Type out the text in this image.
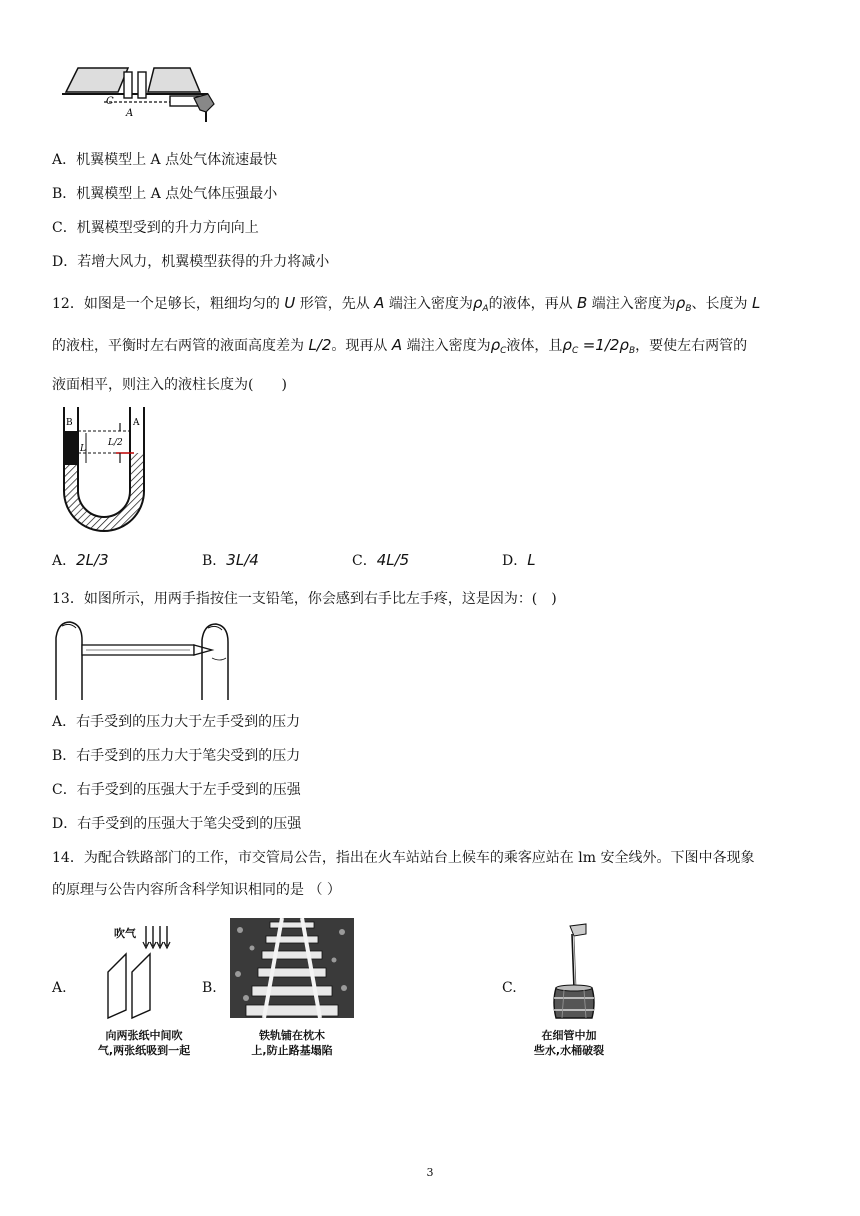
C
A
A．机翼模型上 A 点处气体流速最快
B．机翼模型上 A 点处气体压强最小
C．机翼模型受到的升力方向向上
D．若增大风力，机翼模型获得的升力将减小
12．如图是一个足够长，粗细均匀的 U 形管，先从 A 端注入密度为$\rho_A$的液体，再从 B 端注入密度为$\rho_B$、长度为 L
的液柱，平衡时左右两管的液面高度差为 L/2。现再从 A 端注入密度为$\rho_C$液体，且$\rho_C =1/2\rho_B$，要使左右两管的
液面相平，则注入的液柱长度为(　　)
B	A
L
L/2
A．2L/3	B．3L/4	C．4L/5	D．L
13．如图所示，用两手指按住一支铅笔，你会感到右手比左手疼，这是因为：(　)
A．右手受到的压力大于左手受到的压力
B．右手受到的压力大于笔尖受到的压力
C．右手受到的压强大于左手受到的压强
D．右手受到的压强大于笔尖受到的压强
14．为配合铁路部门的工作，市交管局公告，指出在火车站站台上候车的乘客应站在 lm 安全线外。下图中各现象
的原理与公告内容所含科学知识相同的是 （ ）
A.
吹气
向两张纸中间吹
气,两张纸吸到一起
B.
铁轨铺在枕木
上,防止路基塌陷
C.
在细管中加
些水,水桶破裂
3
